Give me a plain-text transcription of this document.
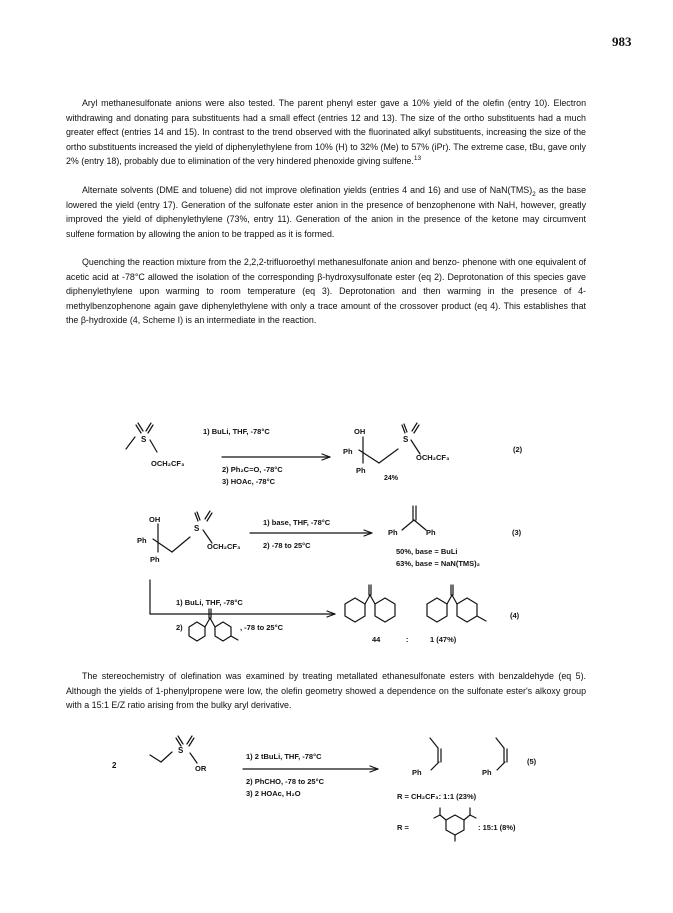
983

Aryl methanesulfonate anions were also tested. The parent phenyl ester gave a 10% yield of the olefin (entry 10). Electron withdrawing and donating para substituents had a small effect (entries 12 and 13). The size of the ortho substituents had a much greater effect (entries 14 and 15). In contrast to the trend observed with the fluorinated alkyl substituents, increasing the size of the ortho substituents increased the yield of diphenylethylene from 10% (H) to 32% (Me) to 57% (iPr). The extreme case, tBu, gave only 2% (entry 18), probably due to elimination of the very hindered phenoxide giving sulfene.$^{13}$

Alternate solvents (DME and toluene) did not improve olefination yields (entries 4 and 16) and use of $NaN(TMS)_2$ as the base lowered the yield (entry 17). Generation of the sulfonate ester anion in the presence of benzophenone with NaH, however, greatly improved the yield of diphenylethylene (73%, entry 11). Generation of the anion in the presence of the ketone may circumvent sulfene formation by allowing the anion to be trapped as it is formed.

Quenching the reaction mixture from the 2,2,2-trifluoroethyl methanesulfonate anion and benzo- phenone with one equivalent of acetic acid at -78°C allowed the isolation of the corresponding β-hydroxysulfonate ester (eq 2). Deprotonation of this species gave diphenylethylene upon warming to room temperature (eq 3). Deprotonation and then warming in the presence of 4-methylbenzophenone again gave diphenylethylene with only a trace amount of the crossover product (eq 4). This establishes that the β-hydroxide (4, Scheme I) is an intermediate in the reaction.

The stereochemistry of olefination was examined by treating metallated ethanesulfonate esters with benzaldehyde (eq 5). Although the yields of 1-phenylpropene were low, the olefin geometry showed a dependence on the sulfonate ester's alkoxy group with a 15:1 E/Z ratio arising from the bulky aryl derivative.

1) BuLi, THF, -78°C
2) Ph₂C=O, -78°C
3) HOAc, -78°C
S
OCH₂CF₃
OH
Ph
Ph
S
OCH₂CF₃
24%
(2)
1) base, THF, -78°C
2) -78 to 25°C
OH
Ph
Ph
S
OCH₂CF₃
Ph	Ph
50%, base = BuLi
63%, base = NaN(TMS)₂
(3)
1) BuLi, THF, -78°C
2)	, -78 to 25°C
44	:	1 (47%)
(4)
2
S
OR
1) 2 tBuLi, THF, -78°C
2) PhCHO, -78 to 25°C
3) 2 HOAc, H₂O
Ph	Ph
R = CH₂CF₃: 1:1 (23%)
R =	: 15:1 (8%)
(5)
